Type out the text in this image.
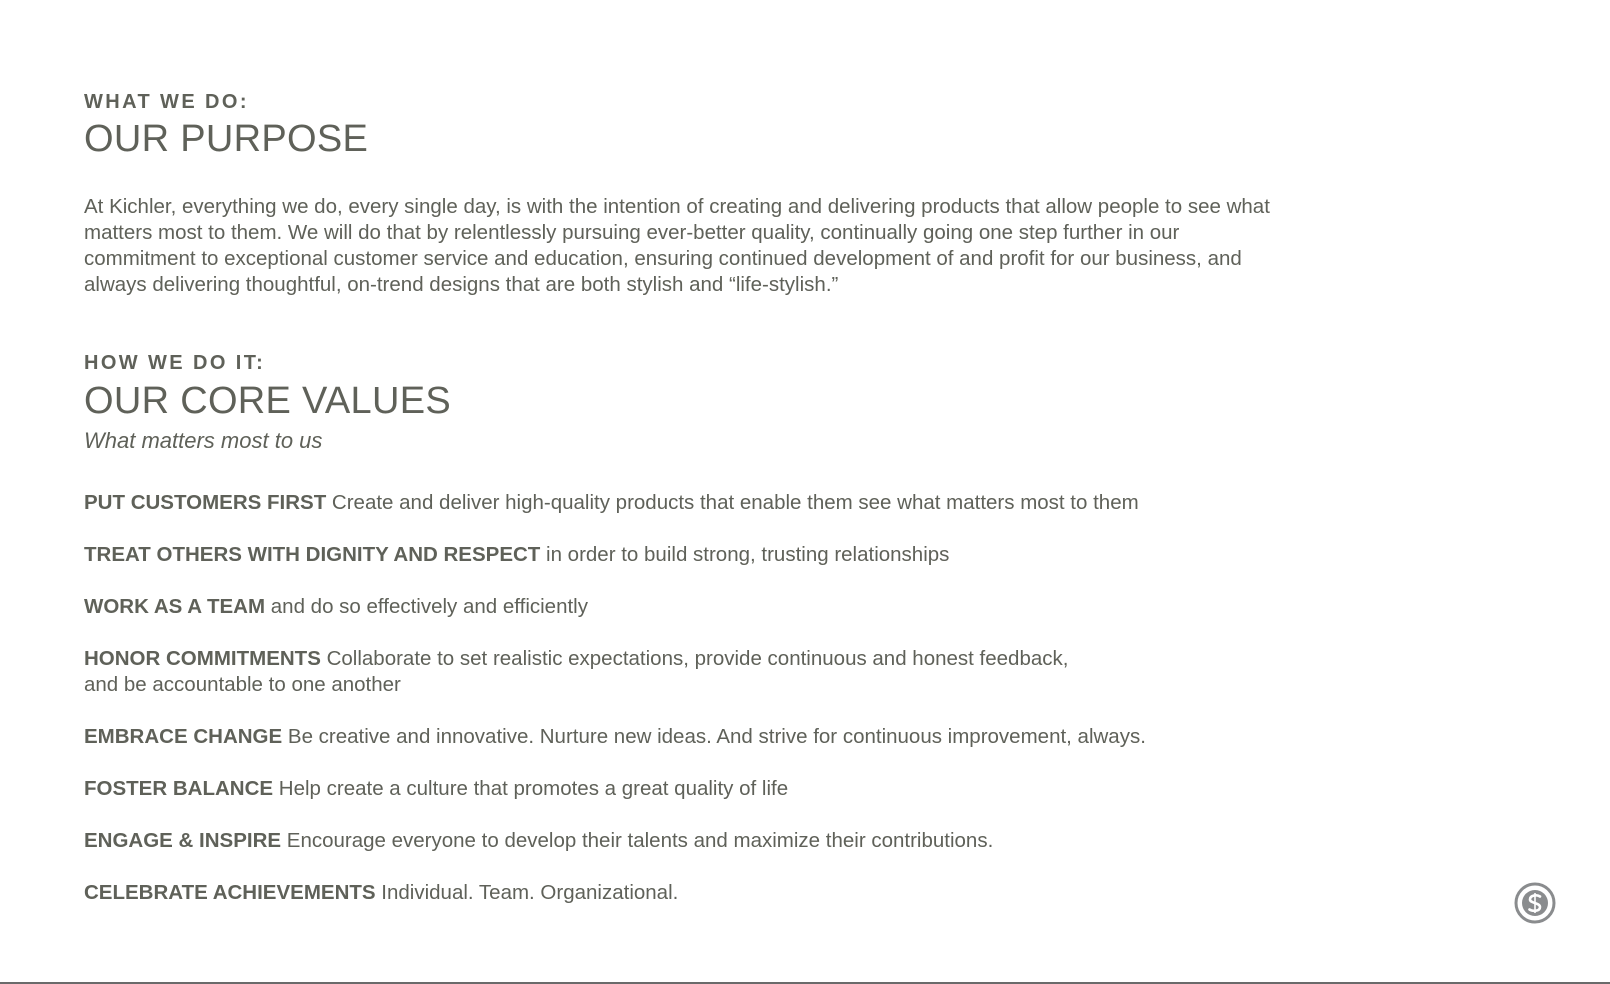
WHAT WE DO:

OUR PURPOSE

At Kichler, everything we do, every single day, is with the intention of creating and delivering products that allow people to see what matters most to them. We will do that by relentlessly pursuing ever-better quality, continually going one step further in our commitment to exceptional customer service and education, ensuring continued development of and profit for our business, and always delivering thoughtful, on-trend designs that are both stylish and “life-stylish.”

HOW WE DO IT:

OUR CORE VALUES

What matters most to us

PUT CUSTOMERS FIRST Create and deliver high-quality products that enable them see what matters most to them
TREAT OTHERS WITH DIGNITY AND RESPECT in order to build strong, trusting relationships
WORK AS A TEAM and do so effectively and efficiently
HONOR COMMITMENTS Collaborate to set realistic expectations, provide continuous and honest feedback,
and be accountable to one another
EMBRACE CHANGE Be creative and innovative. Nurture new ideas. And strive for continuous improvement, always.
FOSTER BALANCE Help create a culture that promotes a great quality of life
ENGAGE & INSPIRE Encourage everyone to develop their talents and maximize their contributions.
CELEBRATE ACHIEVEMENTS Individual. Team. Organizational.
